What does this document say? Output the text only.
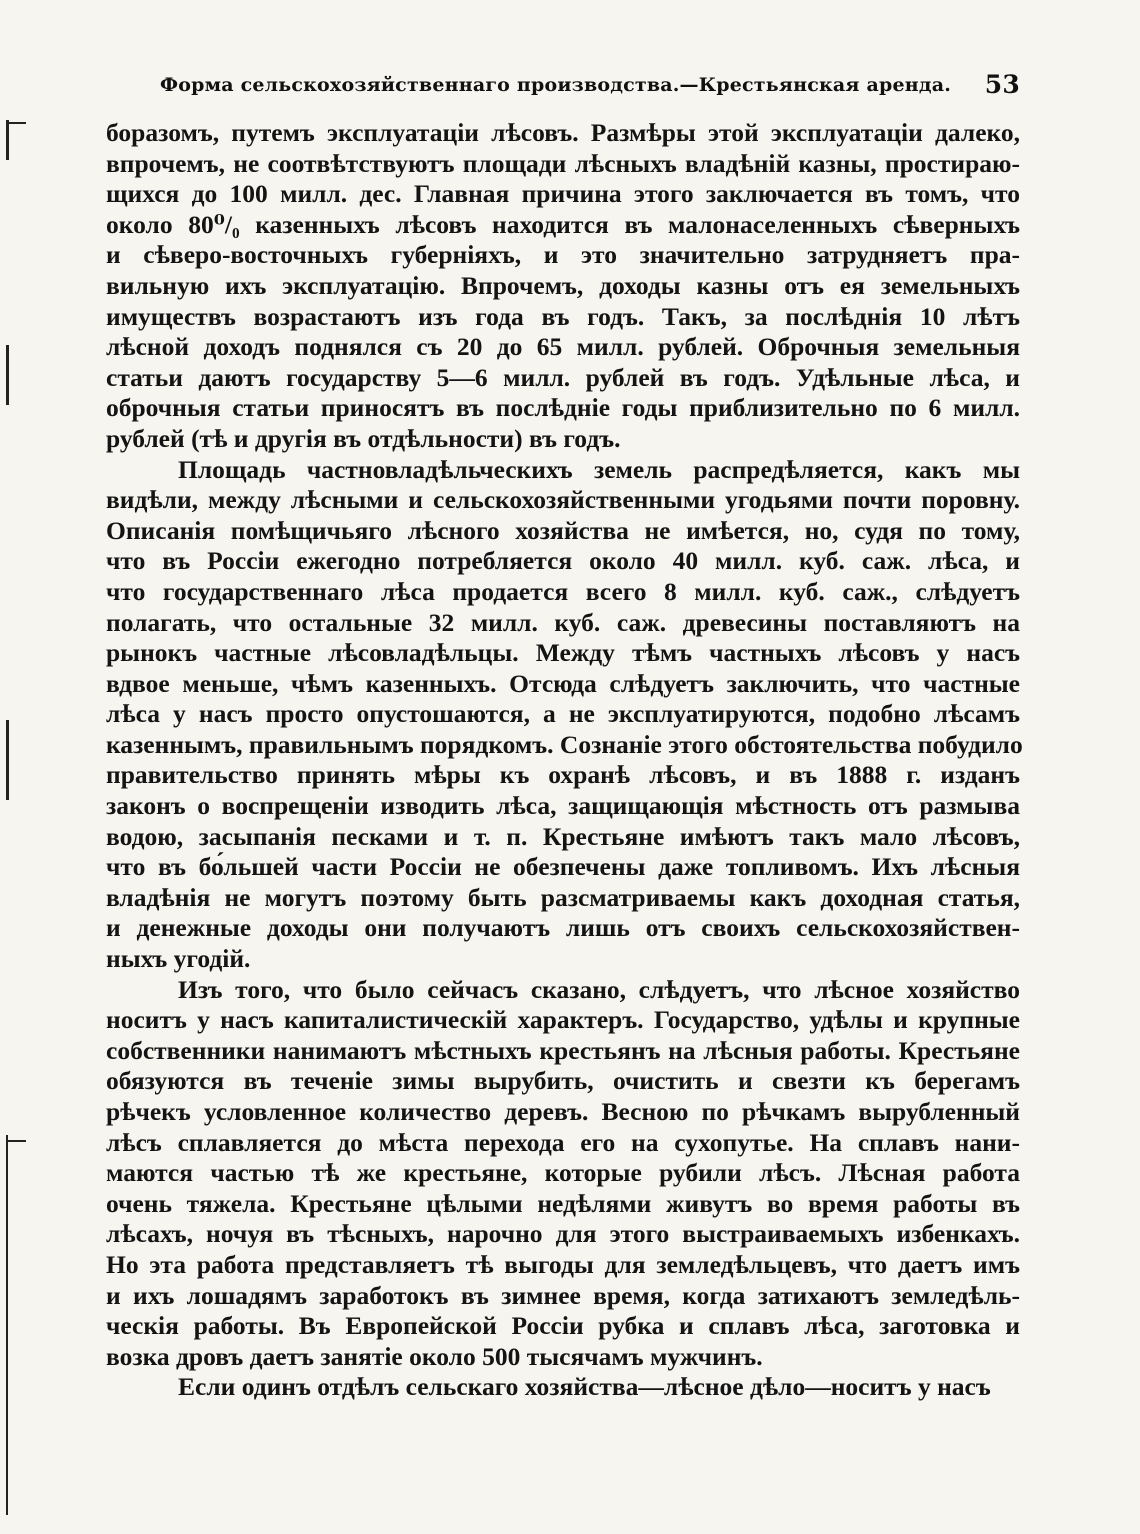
Форма сельскохозяйственнаго производства.—Крестьянская аренда. 53
боразомъ, путемъ эксплуатаціи лѣсовъ. Размѣры этой эксплуатаціи далеко,
впрочемъ, не соотвѣтствуютъ площади лѣсныхъ владѣній казны, простираю-
щихся до 100 милл. дес. Главная причина этого заключается въ томъ, что
около 80⁰/₀ казенныхъ лѣсовъ находится въ малонаселенныхъ сѣверныхъ
и сѣверо-восточныхъ губерніяхъ, и это значительно затрудняетъ пра-
вильную ихъ эксплуатацію. Впрочемъ, доходы казны отъ ея земельныхъ
имуществъ возрастаютъ изъ года въ годъ. Такъ, за послѣднія 10 лѣтъ
лѣсной доходъ поднялся съ 20 до 65 милл. рублей. Оброчныя земельныя
статьи даютъ государству 5—6 милл. рублей въ годъ. Удѣльные лѣса, и
оброчныя статьи приносятъ въ послѣдніе годы приблизительно по 6 милл.
рублей (тѣ и другія въ отдѣльности) въ годъ.
Площадь частновладѣльческихъ земель распредѣляется, какъ мы
видѣли, между лѣсными и сельскохозяйственными угодьями почти поровну.
Описанія помѣщичьяго лѣсного хозяйства не имѣется, но, судя по тому,
что въ Россіи ежегодно потребляется около 40 милл. куб. саж. лѣса, и
что государственнаго лѣса продается всего 8 милл. куб. саж., слѣдуетъ
полагать, что остальные 32 милл. куб. саж. древесины поставляютъ на
рынокъ частные лѣсовладѣльцы. Между тѣмъ частныхъ лѣсовъ у насъ
вдвое меньше, чѣмъ казенныхъ. Отсюда слѣдуетъ заключить, что частные
лѣса у насъ просто опустошаются, а не эксплуатируются, подобно лѣсамъ
казеннымъ, правильнымъ порядкомъ. Сознаніе этого обстоятельства побудило
правительство принять мѣры къ охранѣ лѣсовъ, и въ 1888 г. изданъ
законъ о воспрещеніи изводить лѣса, защищающія мѣстность отъ размыва
водою, засыпанія песками и т. п. Крестьяне имѣютъ такъ мало лѣсовъ,
что въ бо́льшей части Россіи не обезпечены даже топливомъ. Ихъ лѣсныя
владѣнія не могутъ поэтому быть разсматриваемы какъ доходная статья,
и денежные доходы они получаютъ лишь отъ своихъ сельскохозяйствен-
ныхъ угодій.
Изъ того, что было сейчасъ сказано, слѣдуетъ, что лѣсное хозяйство
носитъ у насъ капиталистическій характеръ. Государство, удѣлы и крупные
собственники нанимаютъ мѣстныхъ крестьянъ на лѣсныя работы. Крестьяне
обязуются въ теченіе зимы вырубить, очистить и свезти къ берегамъ
рѣчекъ условленное количество деревъ. Весною по рѣчкамъ вырубленный
лѣсъ сплавляется до мѣста перехода его на сухопутье. На сплавъ нани-
маются частью тѣ же крестьяне, которые рубили лѣсъ. Лѣсная работа
очень тяжела. Крестьяне цѣлыми недѣлями живутъ во время работы въ
лѣсахъ, ночуя въ тѣсныхъ, нарочно для этого выстраиваемыхъ избенкахъ.
Но эта работа представляетъ тѣ выгоды для земледѣльцевъ, что даетъ имъ
и ихъ лошадямъ заработокъ въ зимнее время, когда затихаютъ земледѣль-
ческія работы. Въ Европейской Россіи рубка и сплавъ лѣса, заготовка и
возка дровъ даетъ занятіе около 500 тысячамъ мужчинъ.
Если одинъ отдѣлъ сельскаго хозяйства—лѣсное дѣло—носитъ у насъ
